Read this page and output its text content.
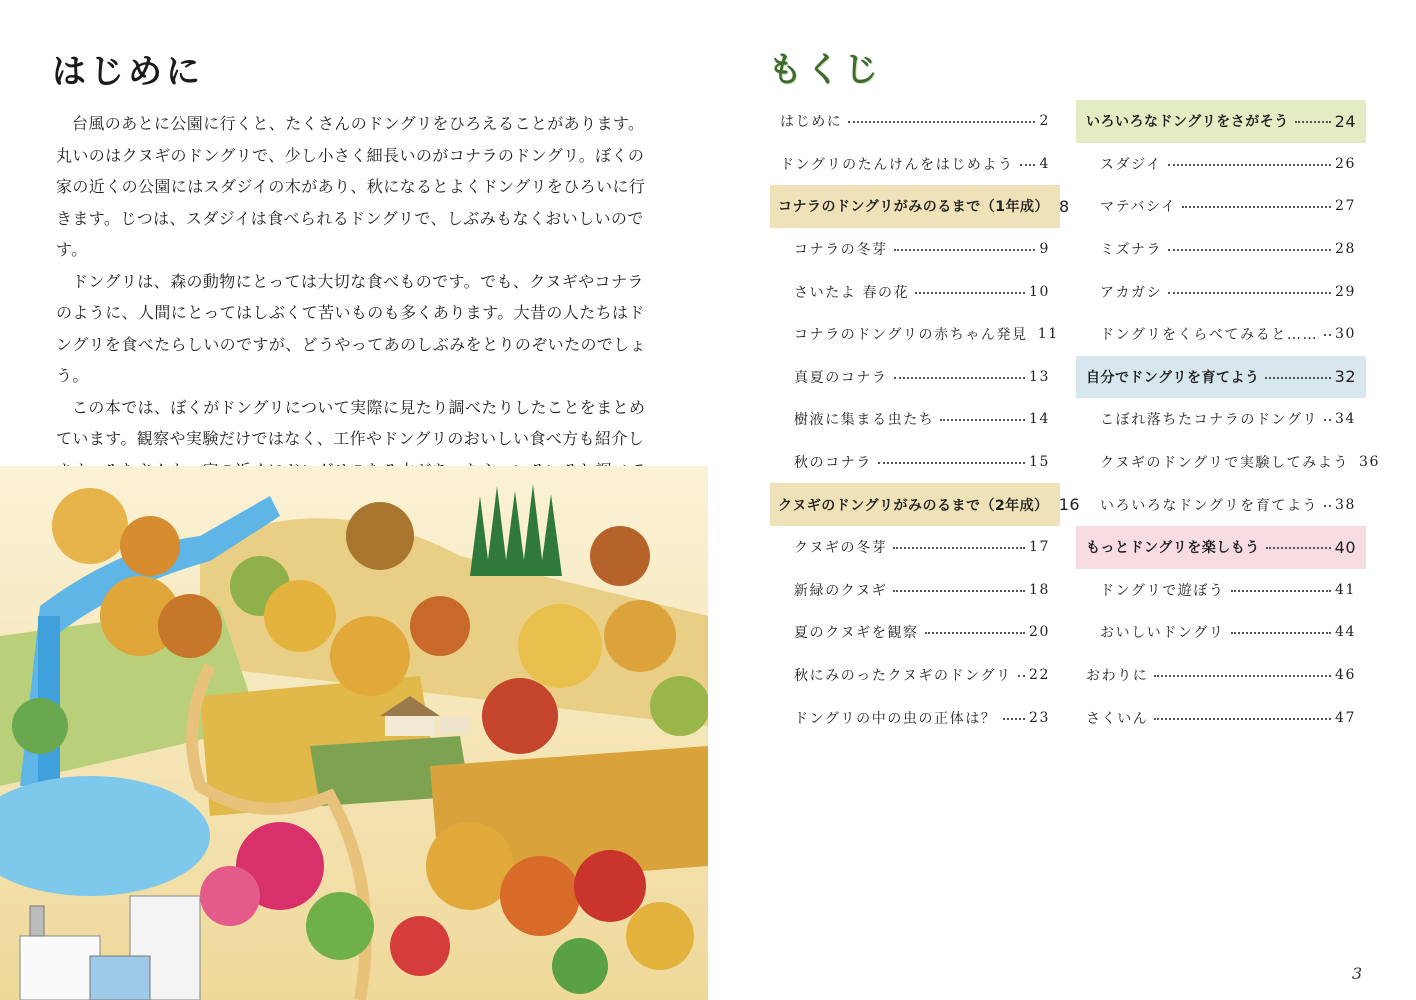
はじめに

台風のあとに公園に行くと、たくさんのドングリをひろえることがあります。丸いのはクヌギのドングリで、少し小さく細長いのがコナラのドングリ。ぼくの家の近くの公園にはスダジイの木があり、秋になるとよくドングリをひろいに行きます。じつは、スダジイは食べられるドングリで、しぶみもなくおいしいのです。

ドングリは、森の動物にとっては大切な食べものです。でも、クヌギやコナラのように、人間にとってはしぶくて苦いものも多くあります。大昔の人たちはドングリを食べたらしいのですが、どうやってあのしぶみをとりのぞいたのでしょう。

この本では、ぼくがドングリについて実際に見たり調べたりしたことをまとめています。観察や実験だけではなく、工作やドングリのおいしい食べ方も紹介し

もくじ
はじめに	2
ドングリのたんけんをはじめよう 4
コナラのドングリがみのるまで（1年成） 8
コナラの冬芽	9
さいたよ 春の花	10
コナラのドングリの赤ちゃん発見 11
真夏のコナラ	13
樹液に集まる虫たち	14
秋のコナラ	15
クヌギのドングリがみのるまで（2年成） 16
クヌギの冬芽	17
新緑のクヌギ	18
夏のクヌギを観察	20
秋にみのったクヌギのドングリ 22
ドングリの中の虫の正体は？ 23
いろいろなドングリをさがそう	24
スダジイ	26
マテバシイ	27
ミズナラ	28
アカガシ	29
ドングリをくらべてみると…… 30
自分でドングリを育てよう	32
こぼれ落ちたコナラのドングリ 34
クヌギのドングリで実験してみよう 36
いろいろなドングリを育てよう 38
もっとドングリを楽しもう	40
ドングリで遊ぼう	41
おいしいドングリ	44
おわりに	46
さくいん	47
3
